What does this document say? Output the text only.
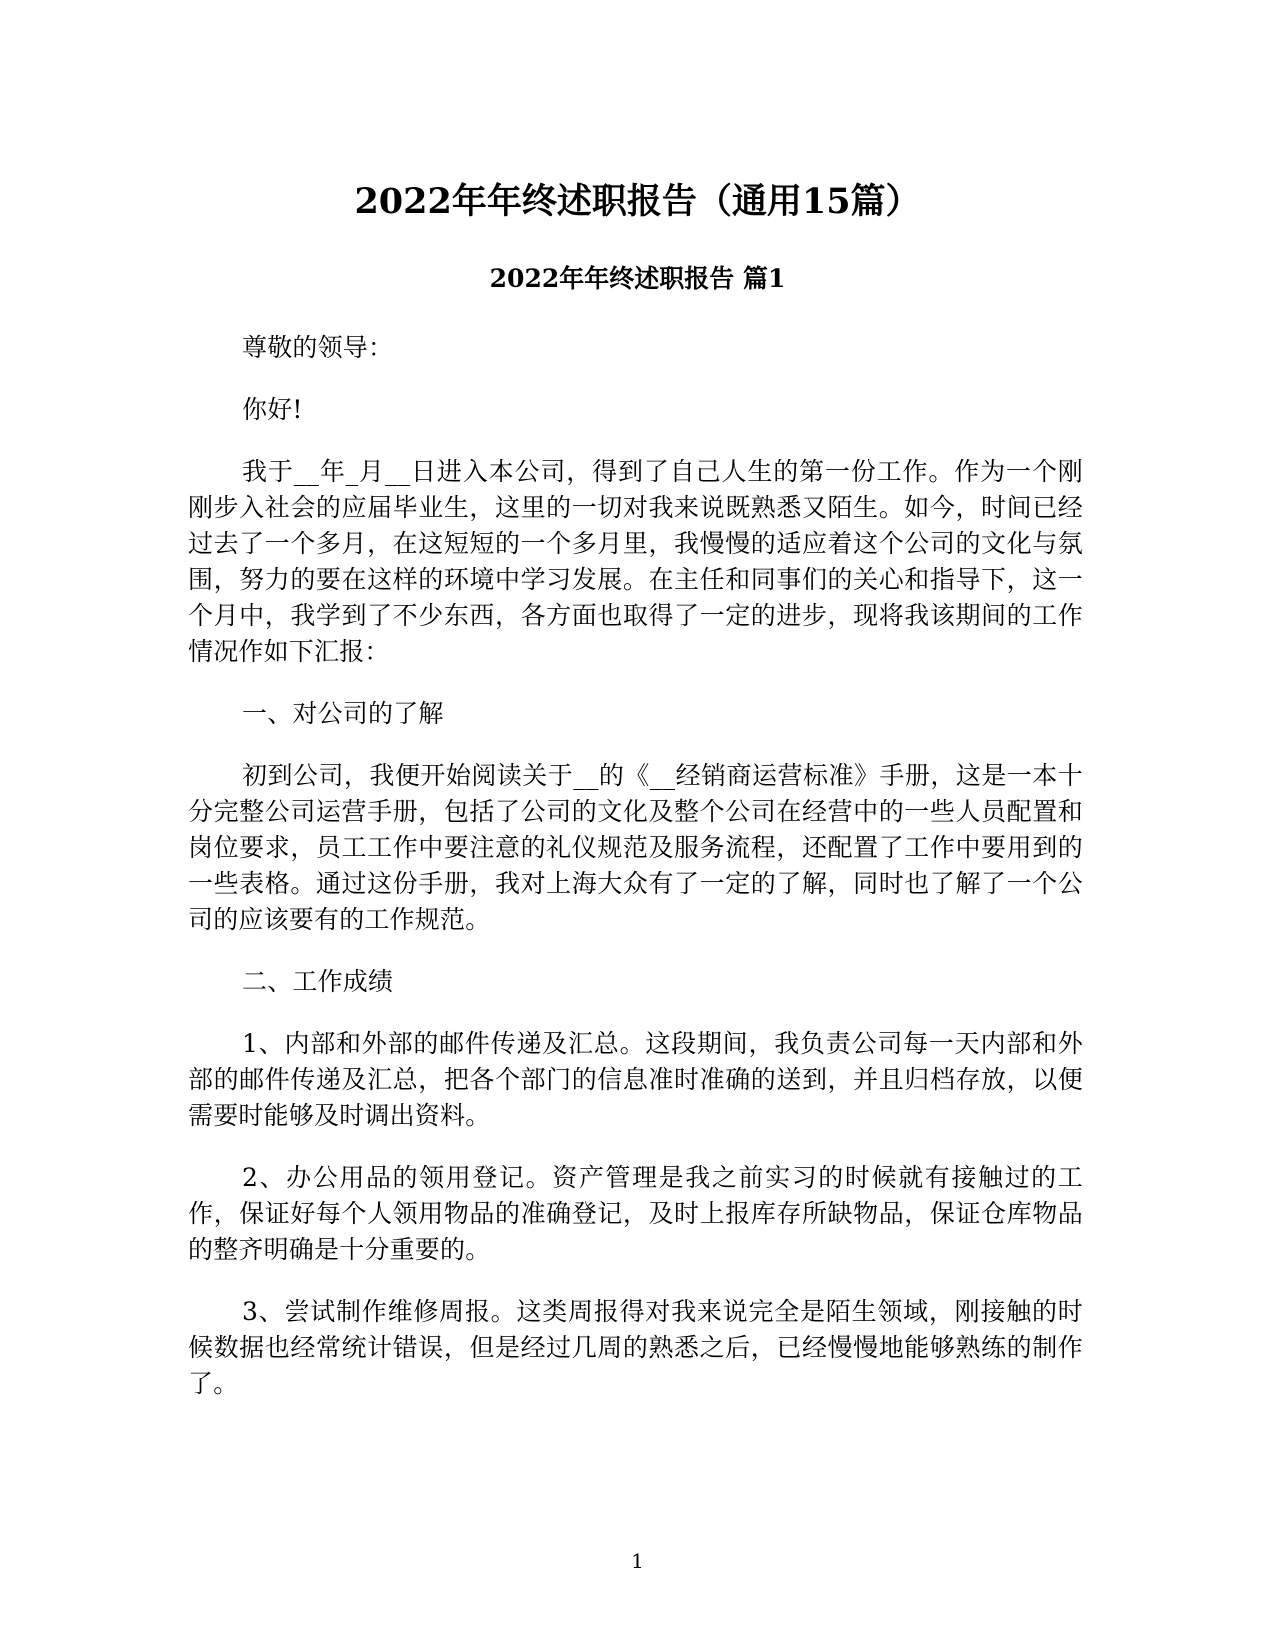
2022年年终述职报告（通用15篇）
2022年年终述职报告 篇1

尊敬的领导：

你好!

我于__年_月__日进入本公司，得到了自己人生的第一份工作。作为一个刚刚步入社会的应届毕业生，这里的一切对我来说既熟悉又陌生。如今，时间已经过去了一个多月，在这短短的一个多月里，我慢慢的适应着这个公司的文化与氛围，努力的要在这样的环境中学习发展。在主任和同事们的关心和指导下，这一个月中，我学到了不少东西，各方面也取得了一定的进步，现将我该期间的工作情况作如下汇报：

一、对公司的了解

初到公司，我便开始阅读关于__的《__经销商运营标准》手册，这是一本十分完整公司运营手册，包括了公司的文化及整个公司在经营中的一些人员配置和岗位要求，员工工作中要注意的礼仪规范及服务流程，还配置了工作中要用到的一些表格。通过这份手册，我对上海大众有了一定的了解，同时也了解了一个公司的应该要有的工作规范。

二、工作成绩

1、内部和外部的邮件传递及汇总。这段期间，我负责公司每一天内部和外部的邮件传递及汇总，把各个部门的信息准时准确的送到，并且归档存放，以便需要时能够及时调出资料。

2、办公用品的领用登记。资产管理是我之前实习的时候就有接触过的工作，保证好每个人领用物品的准确登记，及时上报库存所缺物品，保证仓库物品的整齐明确是十分重要的。

3、尝试制作维修周报。这类周报得对我来说完全是陌生领域，刚接触的时候数据也经常统计错误，但是经过几周的熟悉之后，已经慢慢地能够熟练的制作了。

1
